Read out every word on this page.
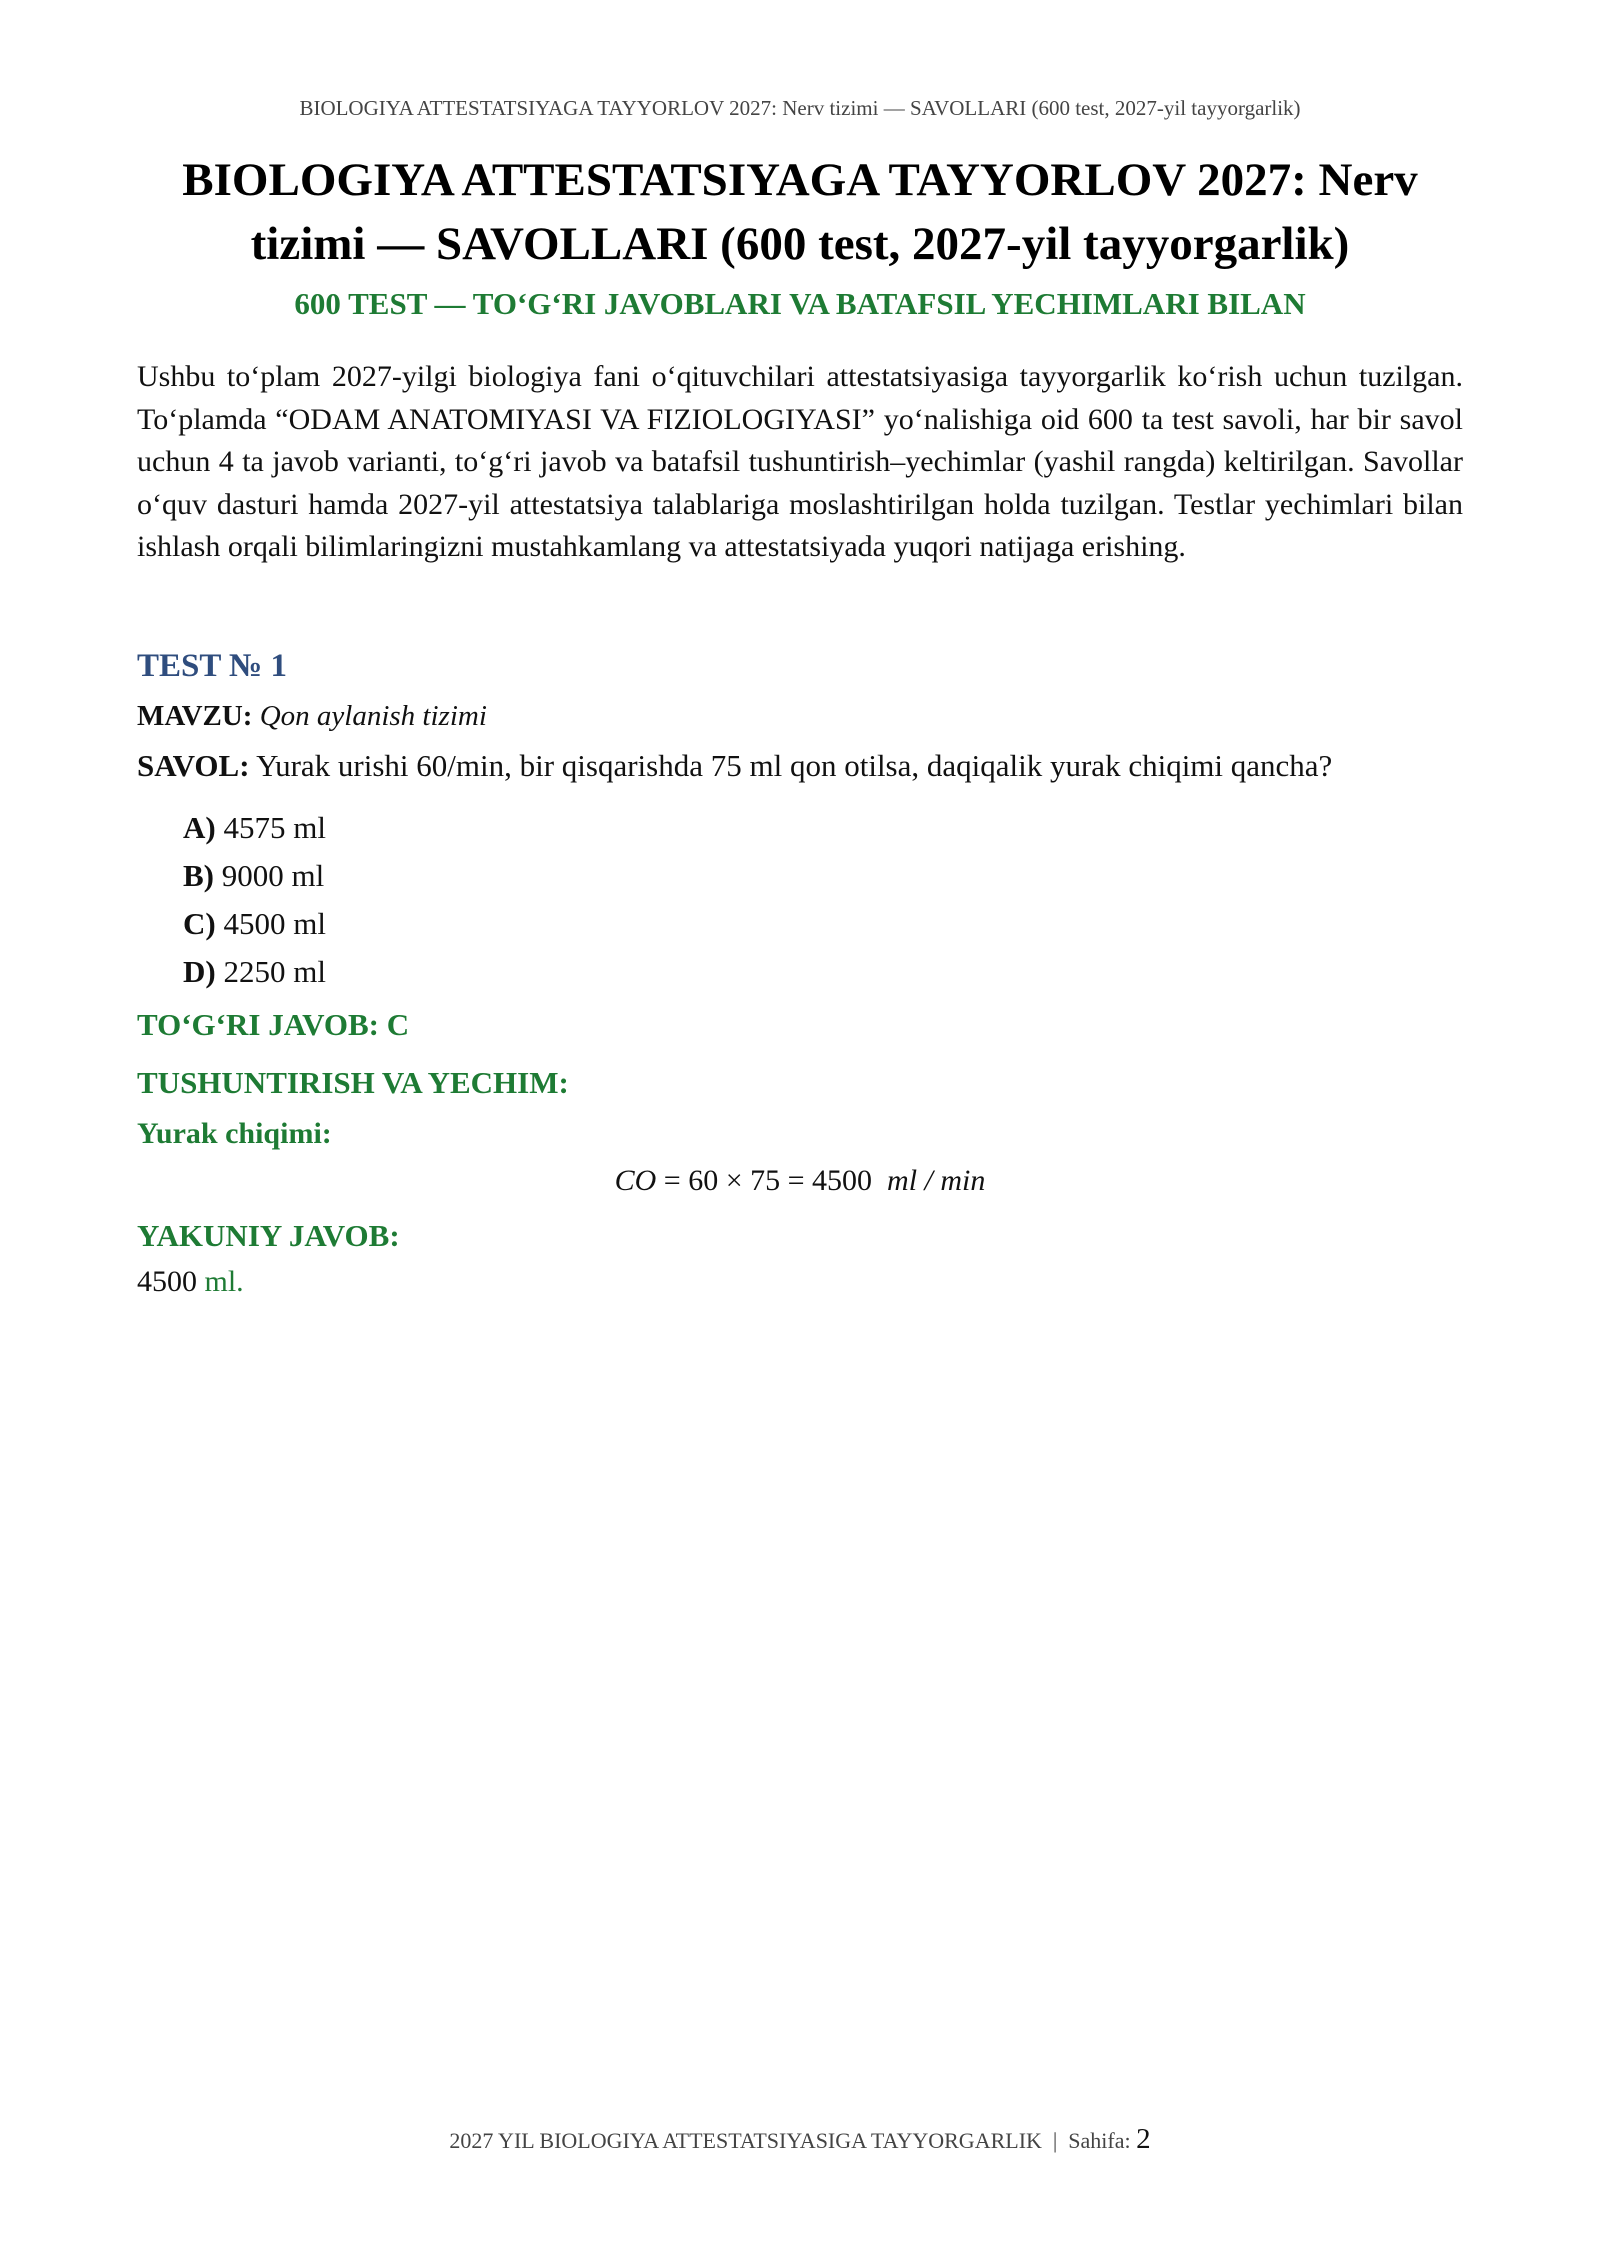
BIOLOGIYA ATTESTATSIYAGA TAYYORLOV 2027: Nerv tizimi — SAVOLLARI (600 test, 2027-yil tayyorgarlik)
BIOLOGIYA ATTESTATSIYAGA TAYYORLOV 2027: Nerv
tizimi — SAVOLLARI (600 test, 2027-yil tayyorgarlik)
600 TEST — TO‘G‘RI JAVOBLARI VA BATAFSIL YECHIMLARI BILAN

Ushbu to‘plam 2027-yilgi biologiya fani o‘qituvchilari attestatsiyasiga tayyorgarlik ko‘rish uchun tuzilgan. To‘plamda “ODAM ANATOMIYASI VA FIZIOLOGIYASI” yo‘nalishiga oid 600 ta test savoli, har bir savol uchun 4 ta javob varianti, to‘g‘ri javob va batafsil tushuntirish–yechimlar (yashil rangda) keltirilgan. Savollar o‘quv dasturi hamda 2027-yil attestatsiya talablariga moslashtirilgan holda tuzilgan. Testlar yechimlari bilan ishlash orqali bilimlaringizni mustahkamlang va attestatsiyada yuqori natijaga erishing.

TEST № 1
MAVZU: Qon aylanish tizimi
SAVOL: Yurak urishi 60/min, bir qisqarishda 75 ml qon otilsa, daqiqalik yurak chiqimi qancha?
A) 4575 ml
B) 9000 ml
C) 4500 ml
D) 2250 ml
TO‘G‘RI JAVOB: C
TUSHUNTIRISH VA YECHIM:
Yurak chiqimi:
CO = 60 × 75 = 4500  ml / min
YAKUNIY JAVOB:
4500 ml.
2027 YIL BIOLOGIYA ATTESTATSIYASIGA TAYYORGARLIK  |  Sahifa: 2
